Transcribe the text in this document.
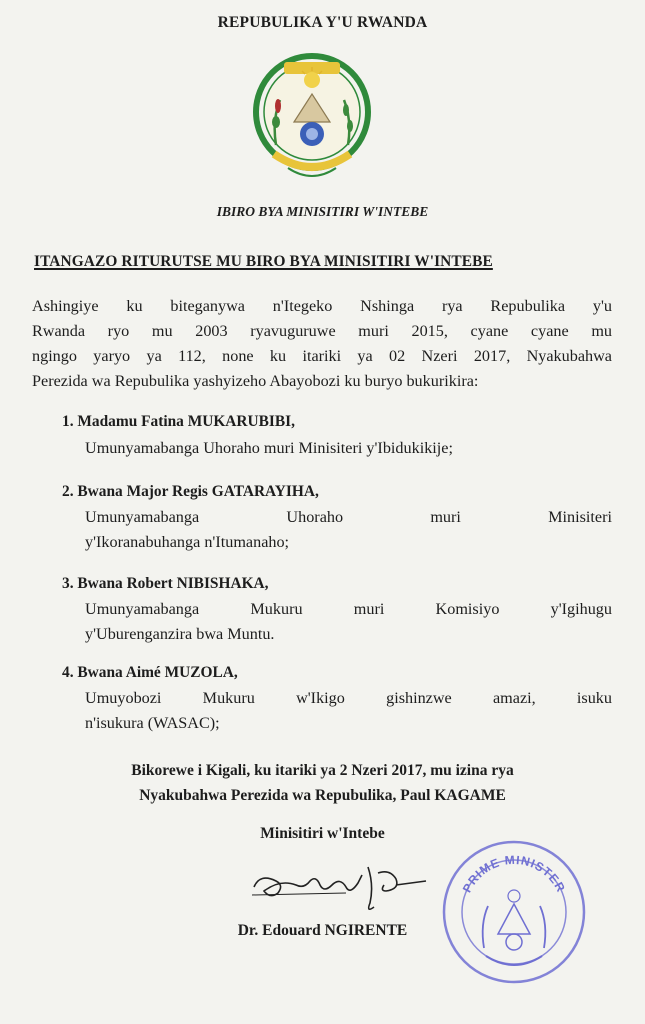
REPUBULIKA Y'U RWANDA
IBIRO BYA MINISITIRI W'INTEBE
ITANGAZO RITURUTSE MU BIRO BYA MINISITIRI W'INTEBE
Ashingiye ku biteganywa n'Itegeko Nshinga rya Repubulika y'u
Rwanda ryo mu 2003 ryavuguruwe muri 2015, cyane cyane mu
ngingo yaryo ya 112, none ku itariki ya 02 Nzeri 2017, Nyakubahwa
Perezida wa Repubulika yashyizeho Abayobozi ku buryo bukurikira:
1. Madamu Fatina MUKARUBIBI,
Umunyamabanga Uhoraho muri Minisiteri y'Ibidukikije;
2. Bwana Major Regis GATARAYIHA,
Umunyamabanga Uhoraho muri Minisiteri
y'Ikoranabuhanga n'Itumanaho;
3. Bwana Robert NIBISHAKA,
Umunyamabanga Mukuru muri Komisiyo y'Igihugu
y'Uburenganzira bwa Muntu.
4. Bwana Aimé MUZOLA,
Umuyobozi Mukuru w'Ikigo gishinzwe amazi, isuku
n'isukura (WASAC);
Bikorewe i Kigali, ku itariki ya 2 Nzeri 2017, mu izina rya
Nyakubahwa Perezida wa Repubulika, Paul KAGAME
Minisitiri w'Intebe
Dr. Edouard NGIRENTE
PRIME MINISTER
